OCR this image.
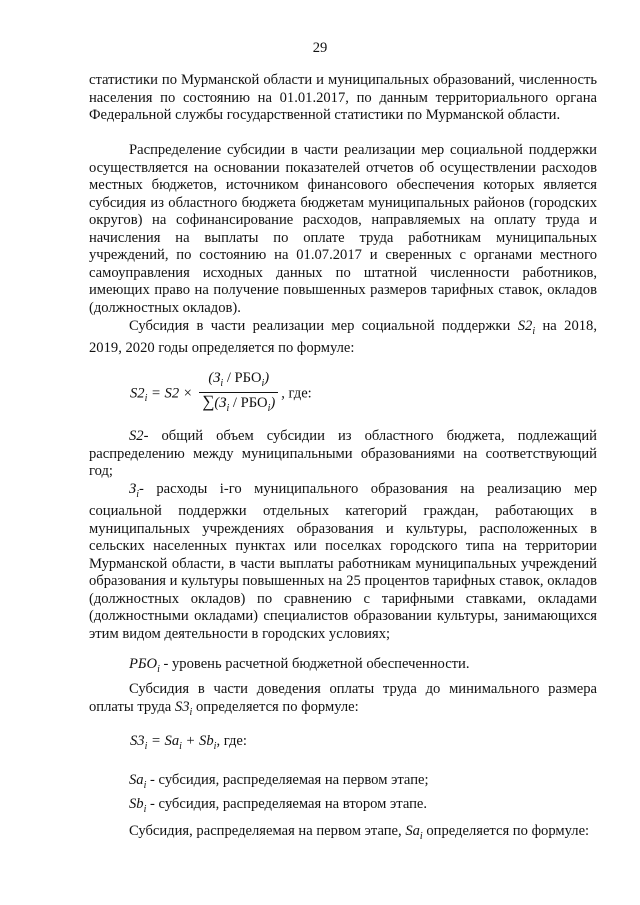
29
статистики по Мурманской области и муниципальных образований, численность населения по состоянию на 01.01.2017, по данным территориального органа Федеральной службы государственной статистики по Мурманской области.
Распределение субсидии в части реализации мер социальной поддержки осуществляется на основании показателей отчетов об осуществлении расходов местных бюджетов, источником финансового обеспечения которых является субсидия из областного бюджета бюджетам муниципальных районов (городских округов) на софинансирование расходов, направляемых на оплату труда и начисления на выплаты по оплате труда работникам муниципальных учреждений, по состоянию на 01.07.2017 и сверенных с органами местного самоуправления исходных данных по штатной численности работников, имеющих право на получение повышенных размеров тарифных ставок, окладов (должностных окладов).
Субсидия в части реализации мер социальной поддержки $S2_i$ на 2018, 2019, 2020 годы определяется по формуле:
$S2_i = S2 \times \frac{(З_i / РБО_i)}{\sum(З_i / РБО_i)}$ , где:
S2- общий объем субсидии из областного бюджета, подлежащий распределению между муниципальными образованиями на соответствующий год;
$З_i-$ расходы i-го муниципального образования на реализацию мер социальной поддержки отдельных категорий граждан, работающих в муниципальных учреждениях образования и культуры, расположенных в сельских населенных пунктах или поселках городского типа на территории Мурманской области, в части выплаты работникам муниципальных учреждений образования и культуры повышенных на 25 процентов тарифных ставок, окладов (должностных окладов) по сравнению с тарифными ставками, окладами (должностными окладами) специалистов образовании культуры, занимающихся этим видом деятельности в городских условиях;
$РБО_i$ - уровень расчетной бюджетной обеспеченности.
Субсидия в части доведения оплаты труда до минимального размера оплаты труда $S3_i$ определяется по формуле:
$S3_i = Sa_i + Sb_i$, где:
$Sa_i$ - субсидия, распределяемая на первом этапе;
$Sb_i$ - субсидия, распределяемая на втором этапе.
Субсидия, распределяемая на первом этапе, $Sa_i$ определяется по формуле:
